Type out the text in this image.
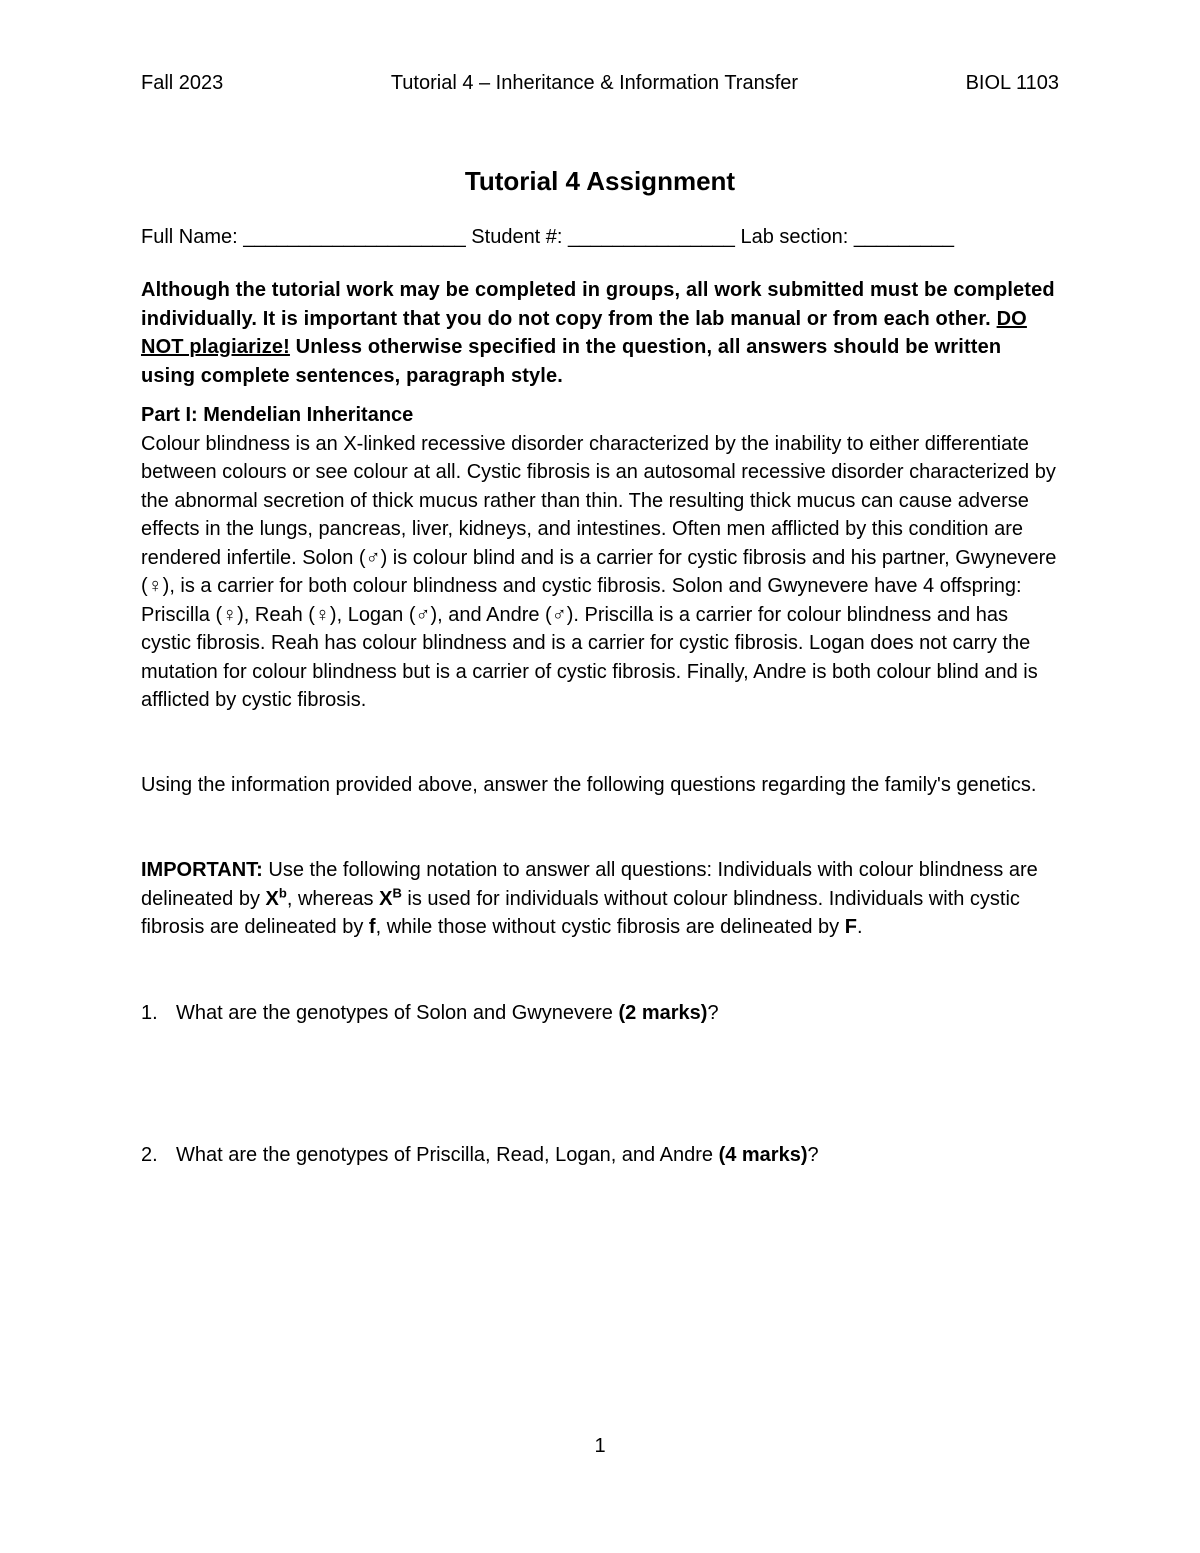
Fall 2023	Tutorial 4 – Inheritance & Information Transfer	BIOL 1103
Tutorial 4 Assignment
Full Name: ____________________ Student #: _______________ Lab section: _________
Although the tutorial work may be completed in groups, all work submitted must be completed individually. It is important that you do not copy from the lab manual or from each other. DO NOT plagiarize! Unless otherwise specified in the question, all answers should be written using complete sentences, paragraph style.
Part I: Mendelian Inheritance
Colour blindness is an X-linked recessive disorder characterized by the inability to either differentiate between colours or see colour at all. Cystic fibrosis is an autosomal recessive disorder characterized by the abnormal secretion of thick mucus rather than thin. The resulting thick mucus can cause adverse effects in the lungs, pancreas, liver, kidneys, and intestines. Often men afflicted by this condition are rendered infertile. Solon (♂) is colour blind and is a carrier for cystic fibrosis and his partner, Gwynevere (♀), is a carrier for both colour blindness and cystic fibrosis. Solon and Gwynevere have 4 offspring: Priscilla (♀), Reah (♀), Logan (♂), and Andre (♂). Priscilla is a carrier for colour blindness and has cystic fibrosis. Reah has colour blindness and is a carrier for cystic fibrosis. Logan does not carry the mutation for colour blindness but is a carrier of cystic fibrosis. Finally, Andre is both colour blind and is afflicted by cystic fibrosis.
Using the information provided above, answer the following questions regarding the family's genetics.
IMPORTANT: Use the following notation to answer all questions: Individuals with colour blindness are delineated by $X^b$, whereas $X^B$ is used for individuals without colour blindness. Individuals with cystic fibrosis are delineated by f, while those without cystic fibrosis are delineated by F.
1. What are the genotypes of Solon and Gwynevere (2 marks)?
2. What are the genotypes of Priscilla, Read, Logan, and Andre (4 marks)?
1
